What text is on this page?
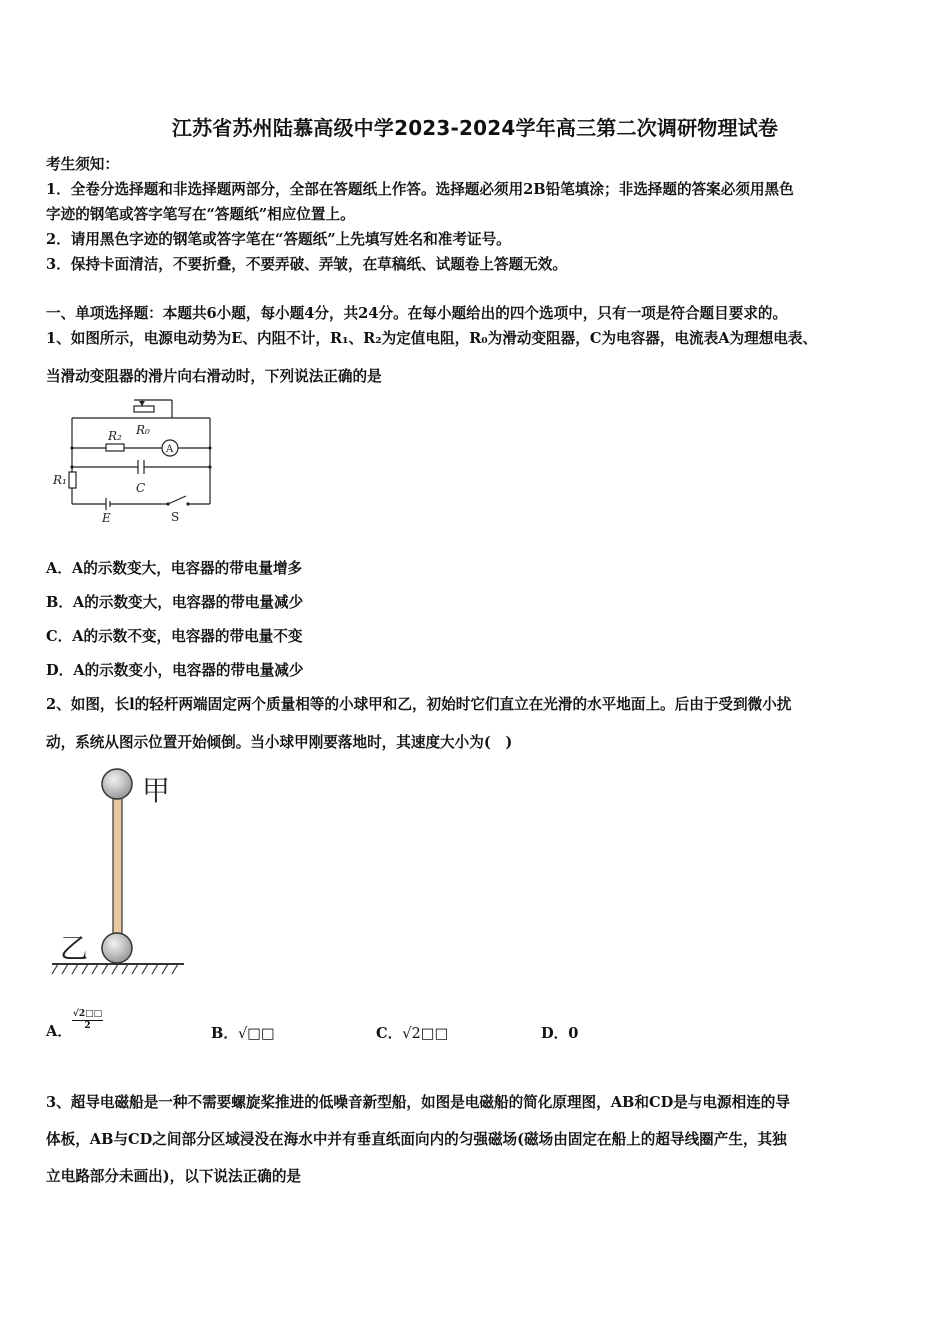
江苏省苏州陆慕高级中学2023-2024学年高三第二次调研物理试卷
考生须知：
1．全卷分选择题和非选择题两部分，全部在答题纸上作答。选择题必须用2B铅笔填涂；非选择题的答案必须用黑色
字迹的钢笔或答字笔写在“答题纸”相应位置上。
2．请用黑色字迹的钢笔或答字笔在“答题纸”上先填写姓名和准考证号。
3．保持卡面清洁，不要折叠，不要弄破、弄皱，在草稿纸、试题卷上答题无效。
一、单项选择题：本题共6小题，每小题4分，共24分。在每小题给出的四个选项中，只有一项是符合题目要求的。
1、如图所示，电源电动势为E、内阻不计，R₁、R₂为定值电阻，R₀为滑动变阻器，C为电容器，电流表A为理想电表、
当滑动变阻器的滑片向右滑动时，下列说法正确的是
R₀
R₂
A
R₁
C
E	S
A．A的示数变大，电容器的带电量增多
B．A的示数变大，电容器的带电量减少
C．A的示数不变，电容器的带电量不变
D．A的示数变小，电容器的带电量减少
2、如图，长l的轻杆两端固定两个质量相等的小球甲和乙，初始时它们直立在光滑的水平地面上。后由于受到微小扰
动，系统从图示位置开始倾倒。当小球甲刚要落地时，其速度大小为(　)
甲
乙
A． $\frac{√2□□}{2}$
B．√□□	C．√2□□	D．0
3、超导电磁船是一种不需要螺旋桨推进的低噪音新型船，如图是电磁船的简化原理图，AB和CD是与电源相连的导
体板，AB与CD之间部分区域浸没在海水中并有垂直纸面向内的匀强磁场(磁场由固定在船上的超导线圈产生，其独
立电路部分未画出)，以下说法正确的是
